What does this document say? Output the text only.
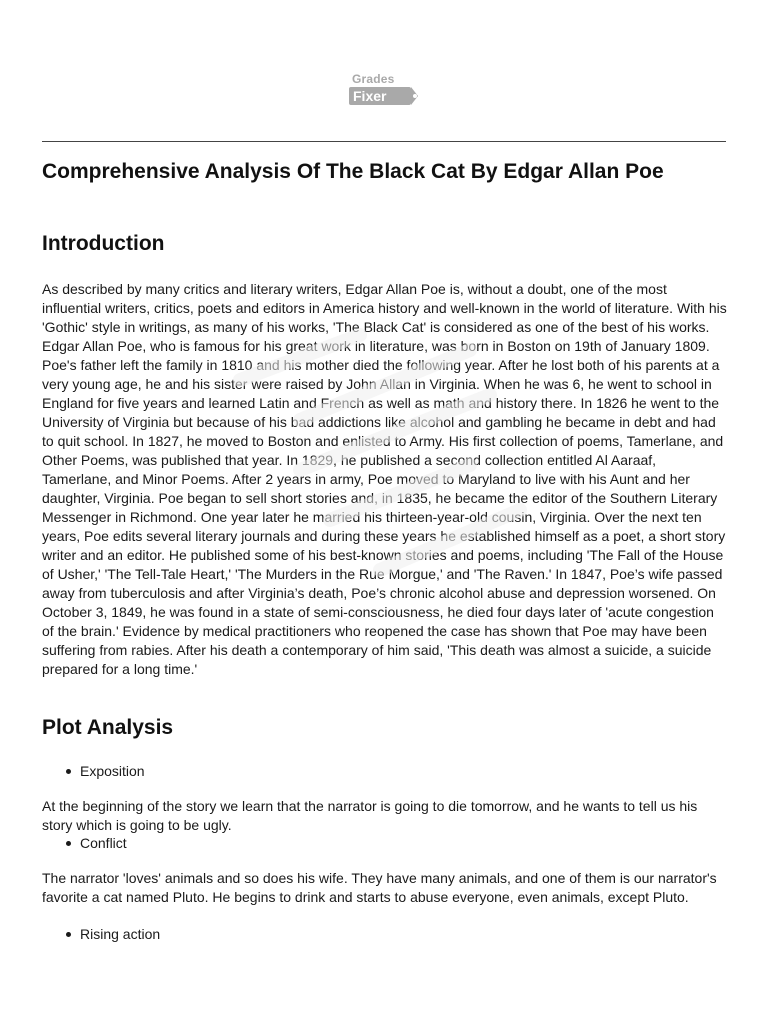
Grades
Fixer
Comprehensive Analysis Of The Black Cat By Edgar Allan Poe
Introduction

As described by many critics and literary writers, Edgar Allan Poe is, without a doubt, one of the most influential writers, critics, poets and editors in America history and well-known in the world of literature. With his 'Gothic' style in writings, as many of his works, 'The Black Cat' is considered as one of the best of his works. Edgar Allan Poe, who is famous for his great work in literature, was born in Boston on 19th of January 1809. Poe's father left the family in 1810 and his mother died the following year. After he lost both of his parents at a very young age, he and his sister were raised by John Allan in Virginia. When he was 6, he went to school in England for five years and learned Latin and French as well as math and history there. In 1826 he went to the University of Virginia but because of his bad addictions like alcohol and gambling he became in debt and had to quit school. In 1827, he moved to Boston and enlisted to Army. His first collection of poems, Tamerlane, and Other Poems, was published that year. In 1829, he published a second collection entitled Al Aaraaf, Tamerlane, and Minor Poems. After 2 years in army, Poe moved to Maryland to live with his Aunt and her daughter, Virginia. Poe began to sell short stories and, in 1835, he became the editor of the Southern Literary Messenger in Richmond. One year later he married his thirteen-year-old cousin, Virginia. Over the next ten years, Poe edits several literary journals and during these years he established himself as a poet, a short story writer and an editor. He published some of his best-known stories and poems, including 'The Fall of the House of Usher,' 'The Tell-Tale Heart,' 'The Murders in the Rue Morgue,' and 'The Raven.' In 1847, Poe’s wife passed away from tuberculosis and after Virginia’s death, Poe’s chronic alcohol abuse and depression worsened. On October 3, 1849, he was found in a state of semi-consciousness, he died four days later of 'acute congestion of the brain.' Evidence by medical practitioners who reopened the case has shown that Poe may have been suffering from rabies. After his death a contemporary of him said, 'This death was almost a suicide, a suicide prepared for a long time.'

Plot Analysis

Exposition

At the beginning of the story we learn that the narrator is going to die tomorrow, and he wants to tell us his story which is going to be ugly.

Conflict

The narrator 'loves' animals and so does his wife. They have many animals, and one of them is our narrator's favorite a cat named Pluto. He begins to drink and starts to abuse everyone, even animals, except Pluto.

Rising action
